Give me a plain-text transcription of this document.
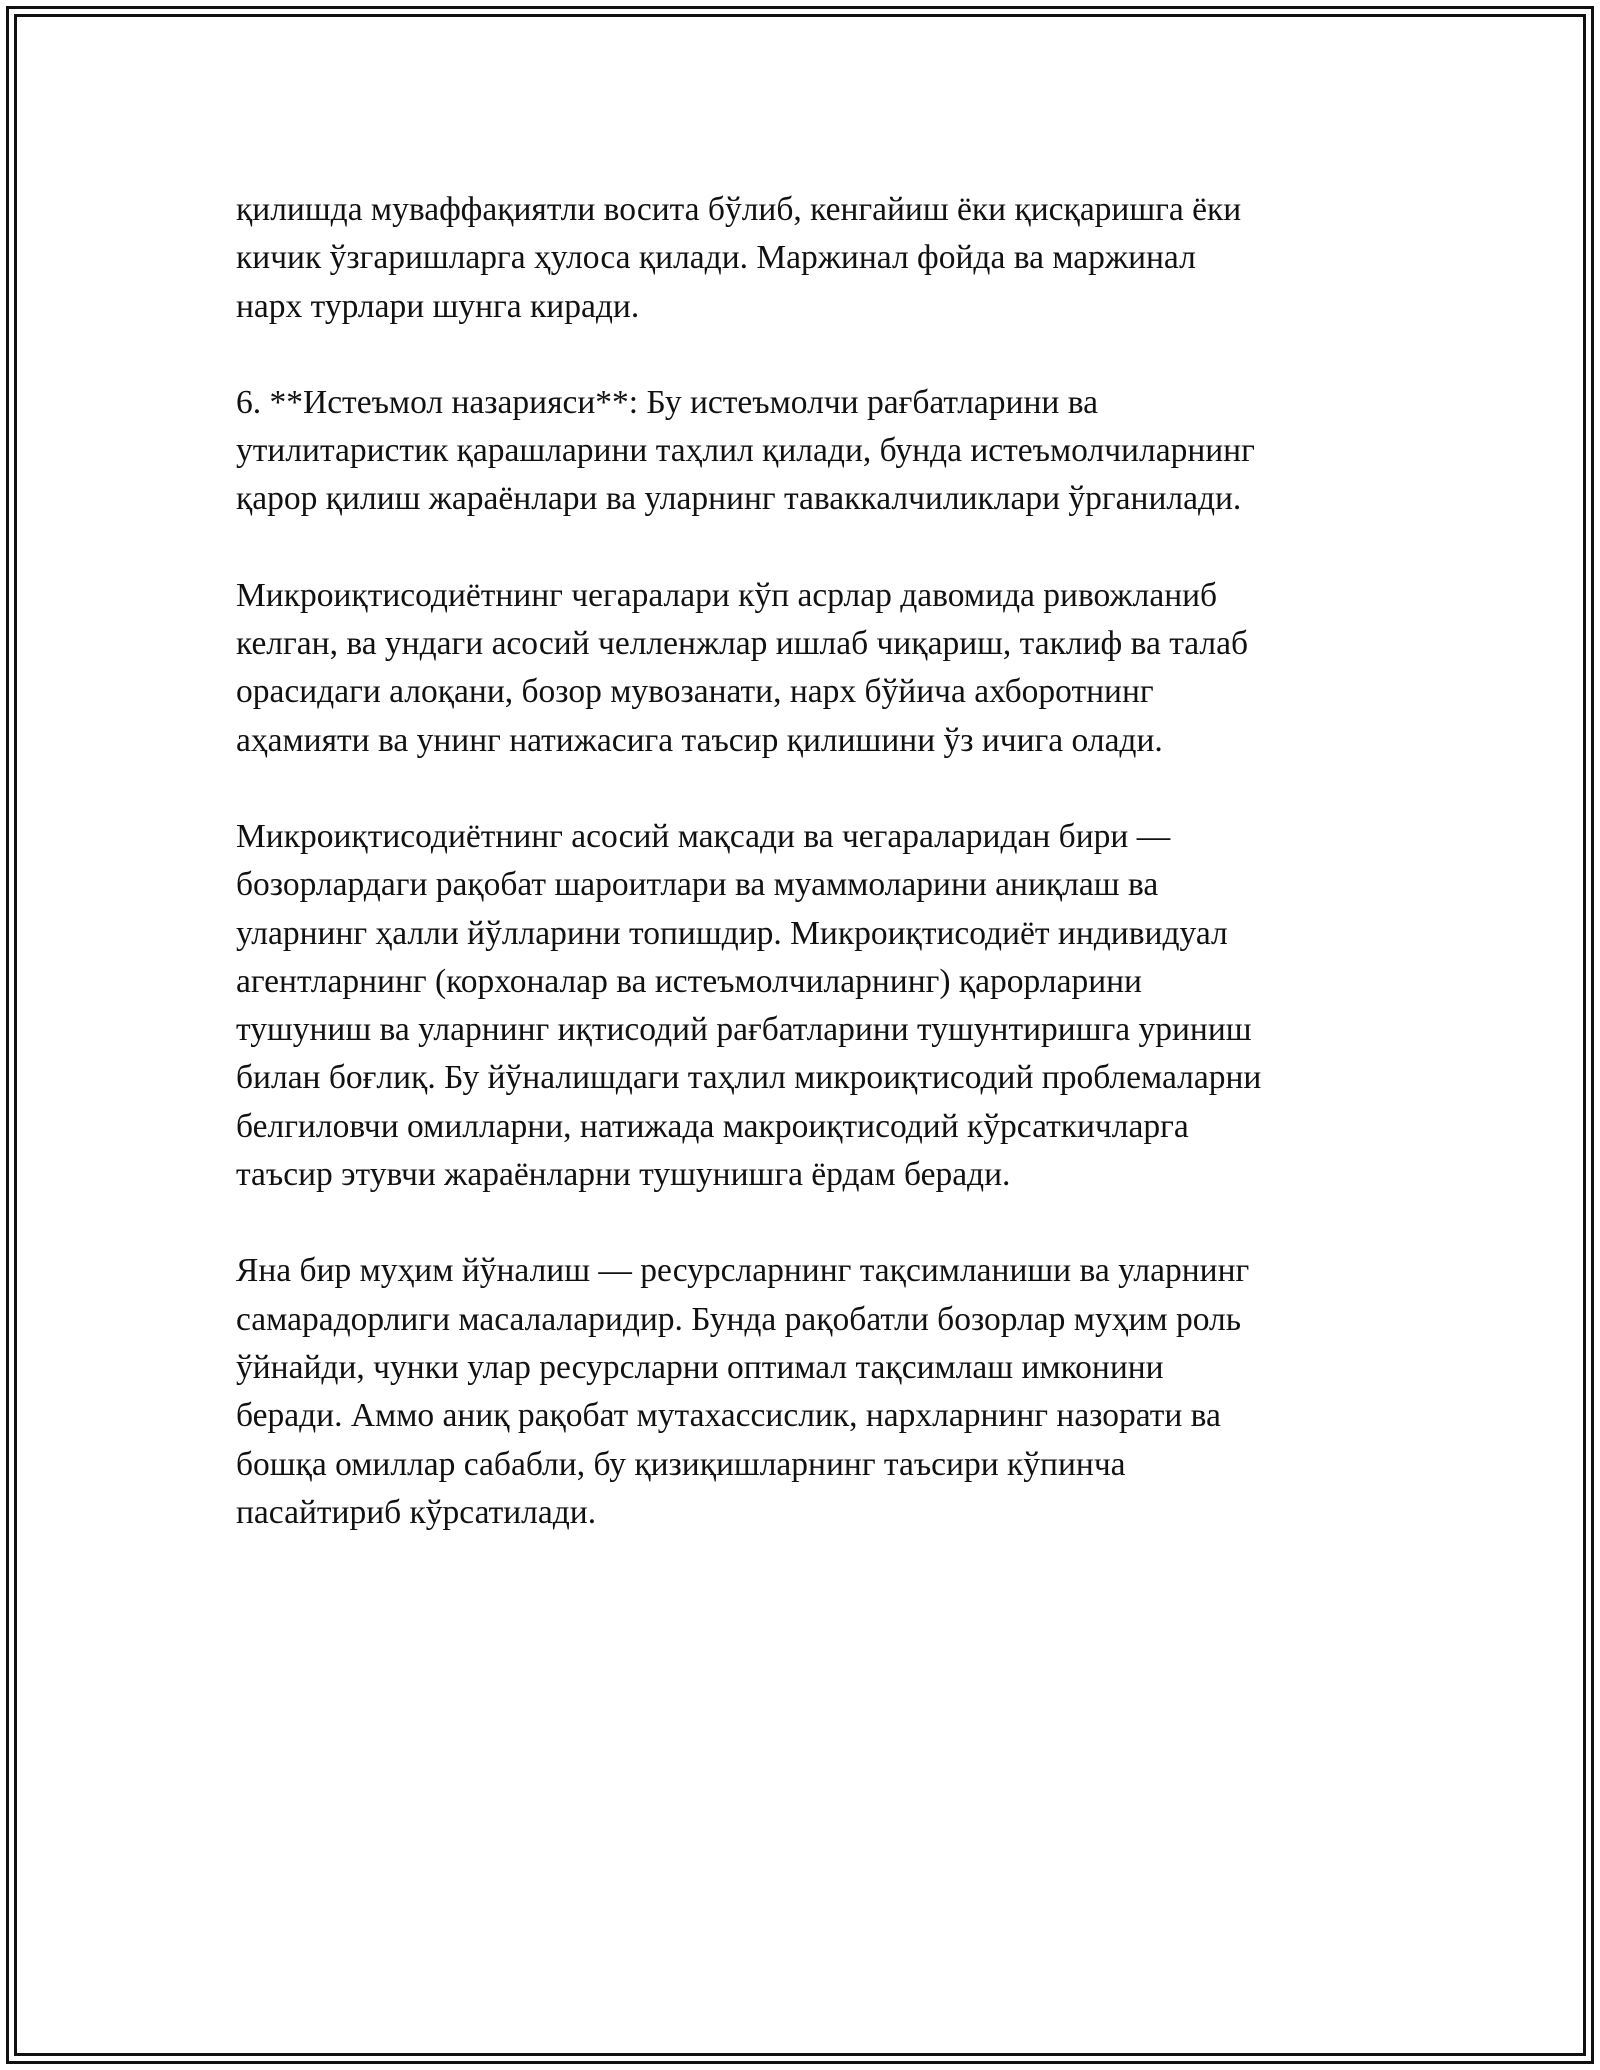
қилишда муваффақиятли восита бўлиб, кенгайиш ёки қисқаришга ёки
кичик ўзгаришларга ҳулоса қилади. Маржинал фойда ва маржинал
нарх турлари шунга киради.

6. **Истеъмол назарияси**: Бу истеъмолчи рағбатларини ва
утилитаристик қарашларини таҳлил қилади, бунда истеъмолчиларнинг
қарор қилиш жараёнлари ва уларнинг таваккалчиликлари ўрганилади.

Микроиқтисодиётнинг чегаралари кўп асрлар давомида ривожланиб
келган, ва ундаги асосий челленжлар ишлаб чиқариш, таклиф ва талаб
орасидаги алоқани, бозор мувозанати, нарх бўйича ахборотнинг
аҳамияти ва унинг натижасига таъсир қилишини ўз ичига олади.

Микроиқтисодиётнинг асосий мақсади ва чегараларидан бири —
бозорлардаги рақобат шароитлари ва муаммоларини аниқлаш ва
уларнинг ҳалли йўлларини топишдир. Микроиқтисодиёт индивидуал
агентларнинг (корхоналар ва истеъмолчиларнинг) қарорларини
тушуниш ва уларнинг иқтисодий рағбатларини тушунтиришга уриниш
билан боғлиқ. Бу йўналишдаги таҳлил микроиқтисодий проблемаларни
белгиловчи омилларни, натижада макроиқтисодий кўрсаткичларга
таъсир этувчи жараёнларни тушунишга ёрдам беради.

Яна бир муҳим йўналиш — ресурсларнинг тақсимланиши ва уларнинг
самарадорлиги масалаларидир. Бунда рақобатли бозорлар муҳим роль
ўйнайди, чунки улар ресурсларни оптимал тақсимлаш имконини
беради. Аммо аниқ рақобат мутахассислик, нархларнинг назорати ва
бошқа омиллар сабабли, бу қизиқишларнинг таъсири кўпинча
пасайтириб кўрсатилади.
